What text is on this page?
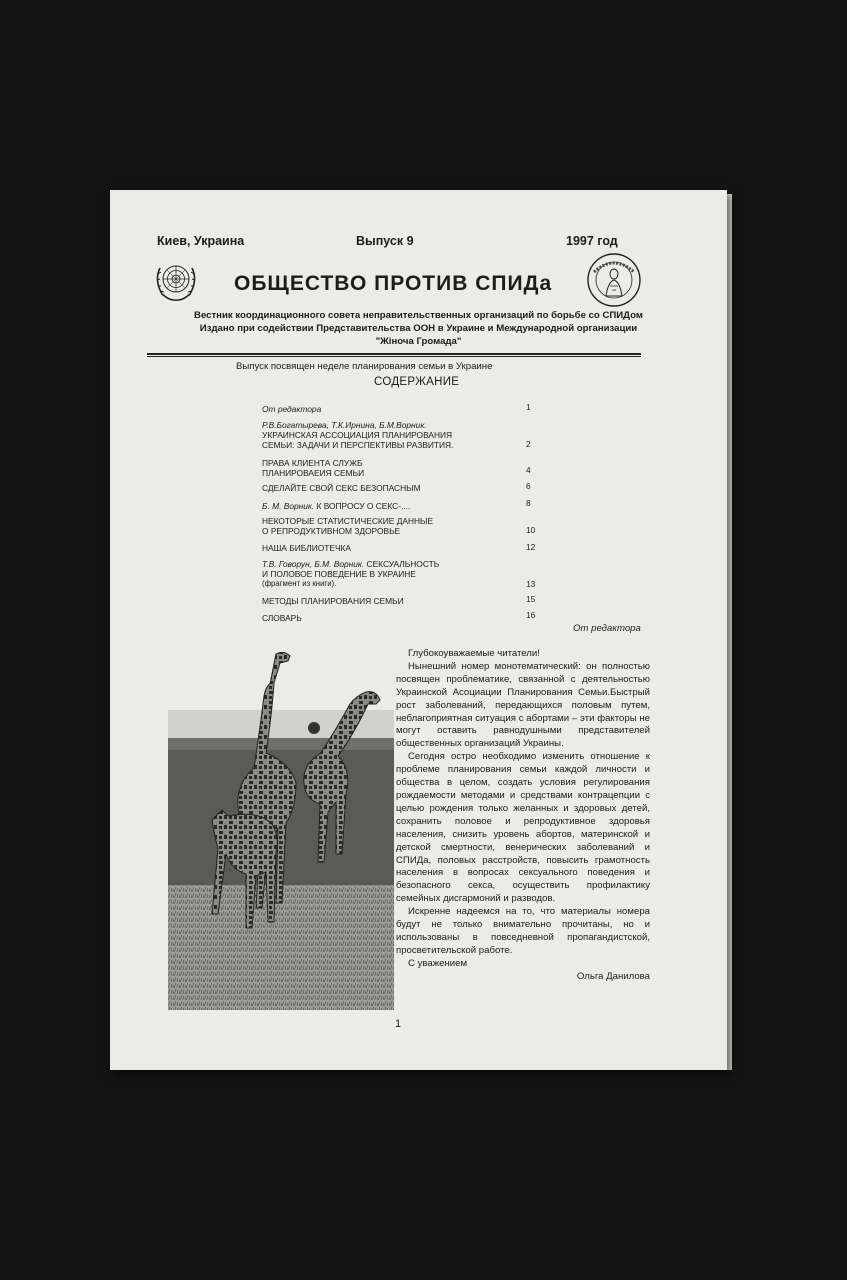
Киев, Украина	Выпуск 9	1997 год
ОБЩЕСТВО ПРОТИВ СПИДа
Вестник координационного совета неправительственных организаций по борьбе со СПИДом
Издано при содействии Представительства ООН в Украине и Международной организации
"Жiноча Громада"
Выпуск посвящен неделе планирования семьи в Украине
СОДЕРЖАНИЕ
От редактора	1
Р.В.Богатырева, Т.К.Ирнина, Б.М.Ворник.
УКРАИНСКАЯ АССОЦИАЦИЯ ПЛАНИРОВАНИЯ
СЕМЬИ: ЗАДАЧИ И ПЕРСПЕКТИВЫ РАЗВИТИЯ.	2
ПРАВА КЛИЕНТА СЛУЖБ
ПЛАНИРОВАЕИЯ СЕМЬИ	4
СДЕЛАЙТЕ СВОЙ СЕКС БЕЗОПАСНЫМ	6
Б. М. Ворник. К ВОПРОСУ О СЕКС-....	8
НЕКОТОРЫЕ СТАТИСТИЧЕСКИЕ ДАННЫЕ
О РЕПРОДУКТИВНОМ ЗДОРОВЬЕ	10
НАША БИБЛИОТЕЧКА	12
Т.В. Говорун, Б.М. Ворник. СЕКСУАЛЬНОСТЬ
И ПОЛОВОЕ ПОВЕДЕНИЕ В УКРАИНЕ
(фрагмент из книги).	13
МЕТОДЫ ПЛАНИРОВАНИЯ СЕМЬИ	15
СЛОВАРЬ	16
От редактора

Глубокоуважаемые читатели!

Нынешний номер монотематический: он полностью посвящен проблематике, связанной с деятельностью Украинской Асоциации Планирования Семьи.Быстрый рост заболеваний, передающихся половым путем, неблагоприятная ситуация с абортами – эти факторы не могут оставить равнодушными представителей общественных организаций Украины.

Сегодня остро необходимо изменить отношение к проблеме планирования семьи каждой личности и общества в целом, создать условия регулирования рождаемости методами и средствами контрацепции с целью рождения только желанных и здоровых детей, сохранить половое и репродуктивное здоровья населения, снизить уровень абортов, материнской и детской смертности, венерических заболеваний и СПИДа, половых расстройств, повысить грамотность населения в вопросах сексуального поведения и безопасного секса, осуществить профилактику семейных дисгармоний и разводов.

Искренне надеемся на то, что материалы номера будут не только внимательно прочитаны, но и использованы в повседневной пропагандистской, просветительской работе.

С уважением

Ольга Данилова

1
